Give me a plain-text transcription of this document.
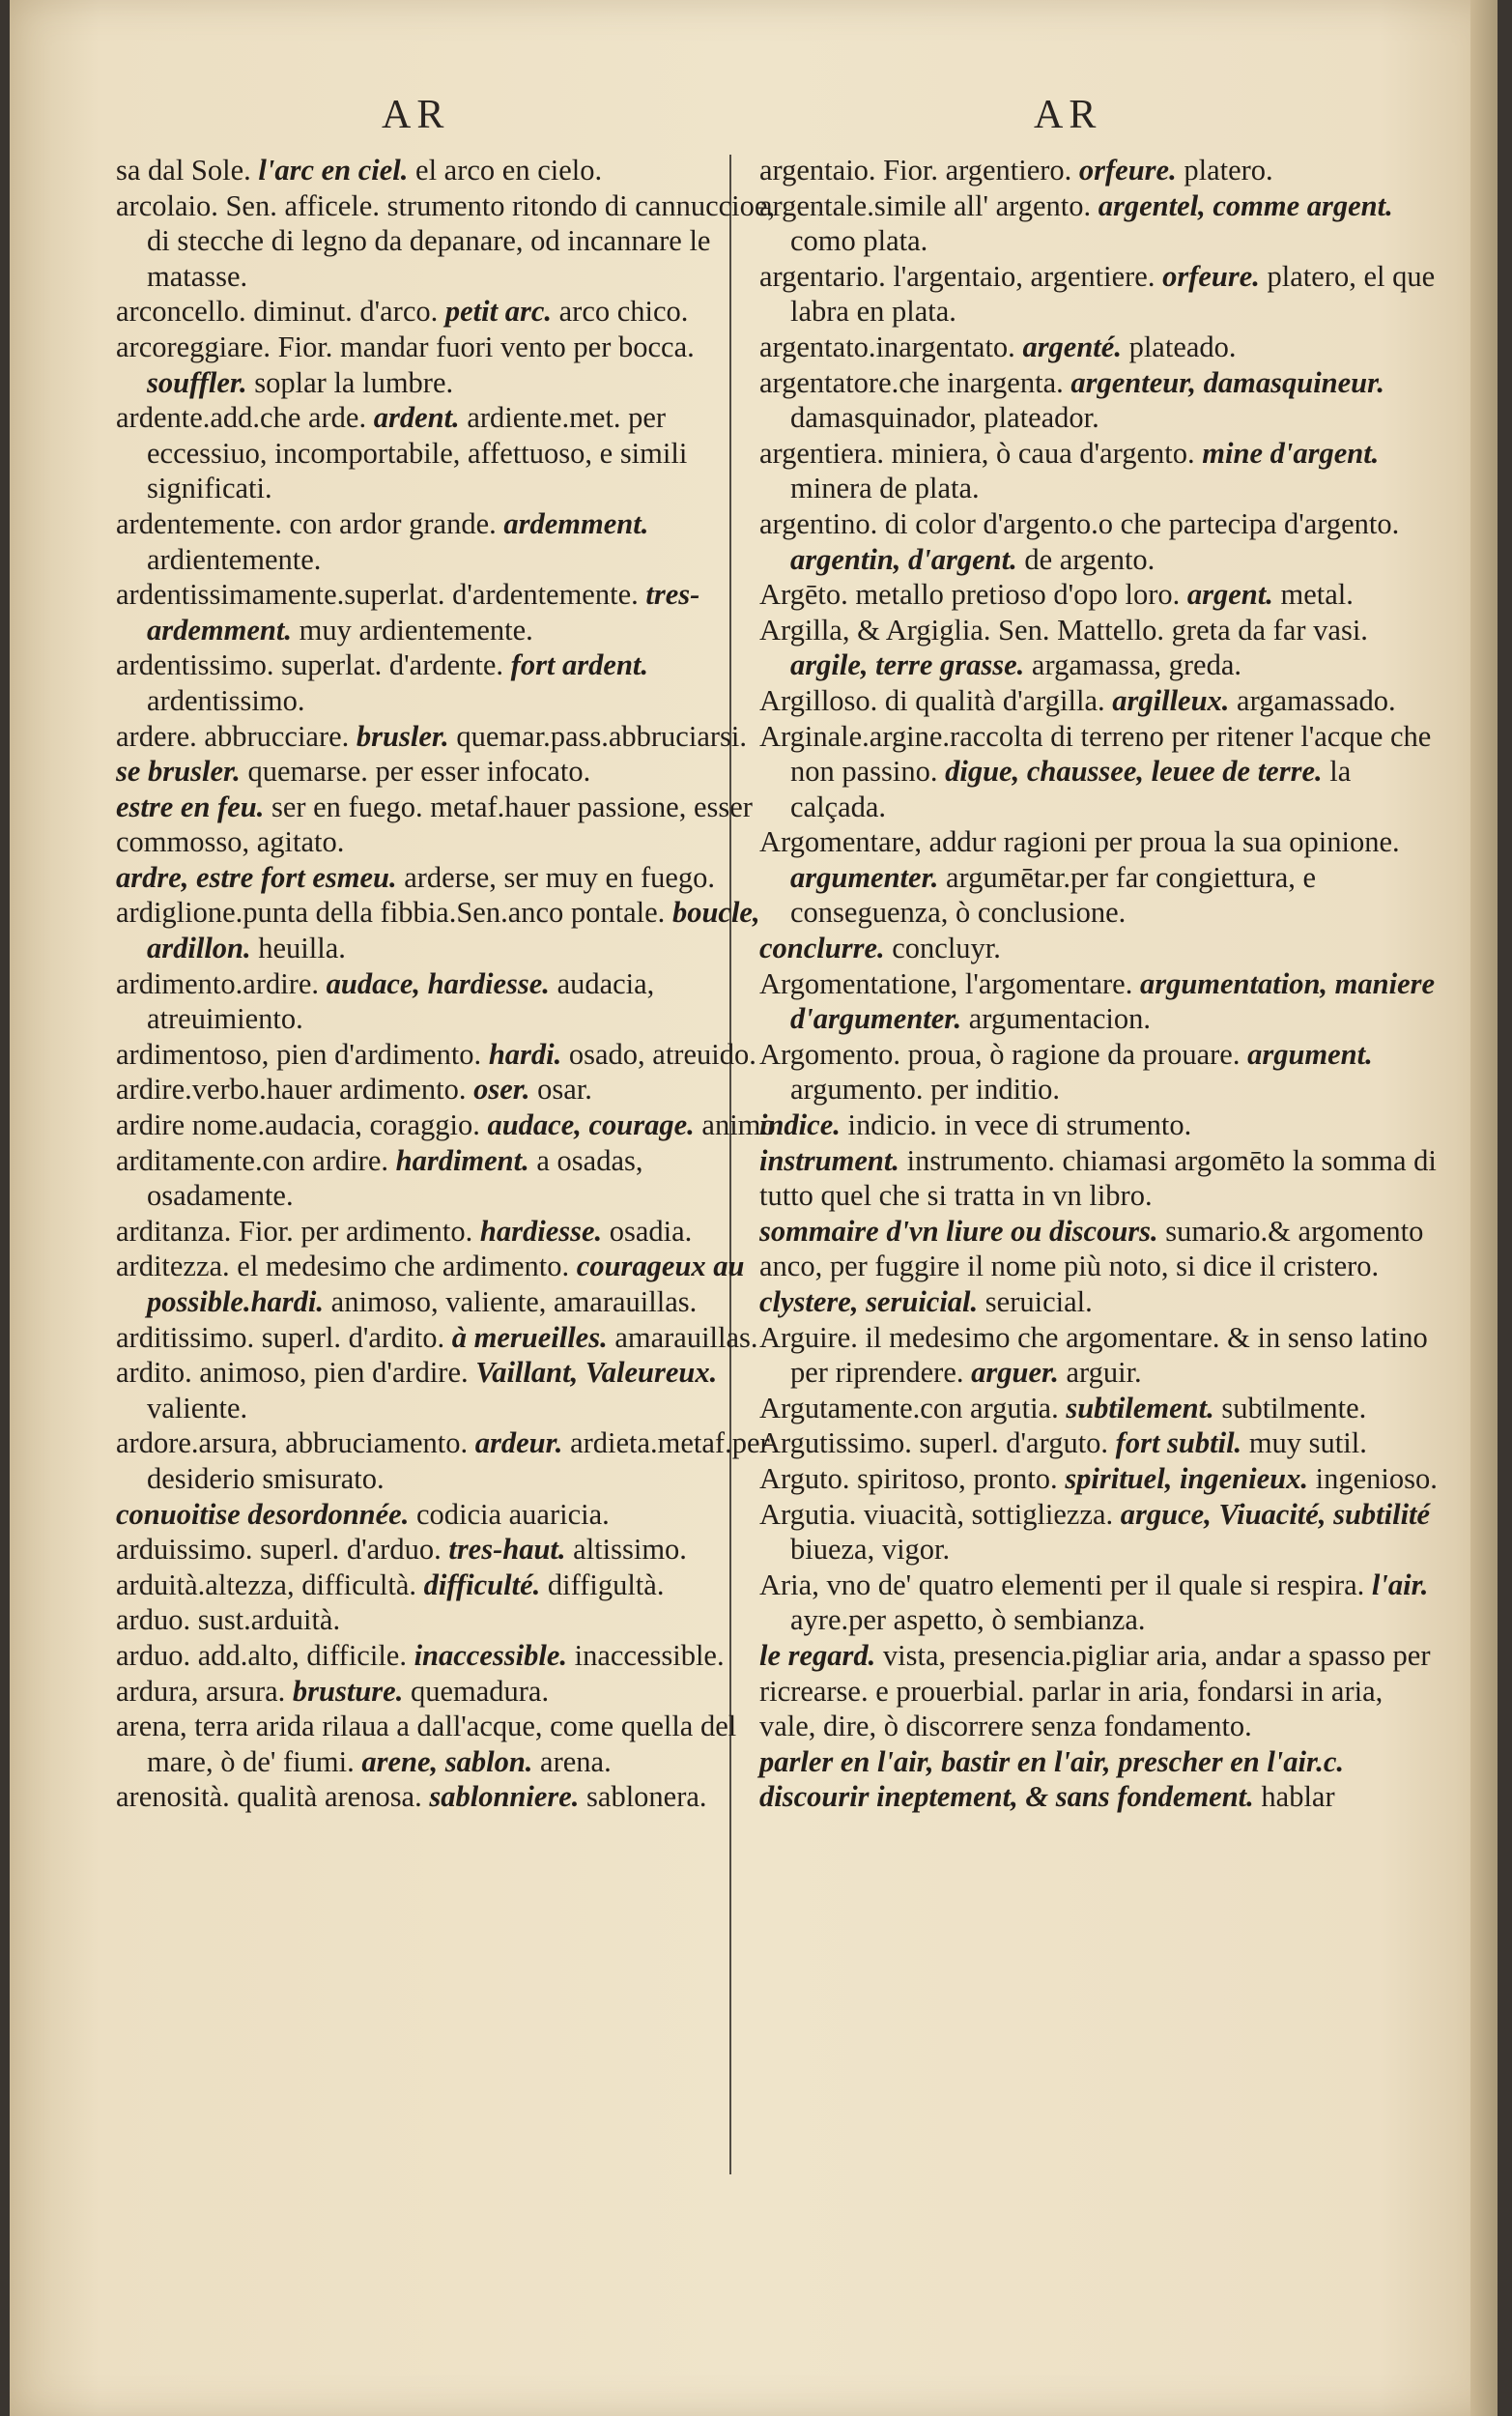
AR	AR

sa dal Sole. l'arc en ciel. el arco en cielo.

arcolaio. Sen. afficele. strumento ritondo di cannuccioe, di stecche di legno da depanare, od incannare le matasse.

arconcello. diminut. d'arco. petit arc. arco chico.

arcoreggiare. Fior. mandar fuori vento per bocca. souffler. soplar la lumbre.

ardente.add.che arde. ardent. ardiente.met. per eccessiuo, incomportabile, affettuoso, e simili significati.

ardentemente. con ardor grande. ardemment. ardientemente.

ardentissimamente.superlat. d'ardentemente. tres-ardemment. muy ardientemente.

ardentissimo. superlat. d'ardente. fort ardent. ardentissimo.

ardere. abbrucciare. brusler. quemar.pass.abbruciarsi.

se brusler. quemarse. per esser infocato.

estre en feu. ser en fuego. metaf.hauer passione, esser commosso, agitato.

ardre, estre fort esmeu. arderse, ser muy en fuego.

ardiglione.punta della fibbia.Sen.anco pontale. boucle, ardillon. heuilla.

ardimento.ardire. audace, hardiesse. audacia, atreuimiento.

ardimentoso, pien d'ardimento. hardi. osado, atreuido.

ardire.verbo.hauer ardimento. oser. osar.

ardire nome.audacia, coraggio. audace, courage. animo.

arditamente.con ardire. hardiment. a osadas, osadamente.

arditanza. Fior. per ardimento. hardiesse. osadia.

arditezza. el medesimo che ardimento. courageux au possible.hardi. animoso, valiente, amarauillas.

arditissimo. superl. d'ardito. à merueilles. amarauillas.

ardito. animoso, pien d'ardire. Vaillant, Valeureux. valiente.

ardore.arsura, abbruciamento. ardeur. ardieta.metaf.per desiderio smisurato.

conuoitise desordonnée. codicia auaricia.

arduissimo. superl. d'arduo. tres-haut. altissimo.

arduità.altezza, difficultà. difficulté. diffigultà.

arduo. sust.arduità.

arduo. add.alto, difficile. inaccessible. inaccessible.

ardura, arsura. brusture. quemadura.

arena, terra arida rilaua a dall'acque, come quella del mare, ò de' fiumi. arene, sablon. arena.

arenosità. qualità arenosa. sablonniere. sablonera.

argentaio. Fior. argentiero. orfeure. platero.

argentale.simile all' argento. argentel, comme argent. como plata.

argentario. l'argentaio, argentiere. orfeure. platero, el que labra en plata.

argentato.inargentato. argenté. plateado.

argentatore.che inargenta. argenteur, damasquineur. damasquinador, plateador.

argentiera. miniera, ò caua d'argento. mine d'argent. minera de plata.

argentino. di color d'argento.o che partecipa d'argento. argentin, d'argent. de argento.

Argēto. metallo pretioso d'opo loro. argent. metal.

Argilla, & Argiglia. Sen. Mattello. greta da far vasi. argile, terre grasse. argamassa, greda.

Argilloso. di qualità d'argilla. argilleux. argamassado.

Arginale.argine.raccolta di terreno per ritener l'acque che non passino. digue, chaussee, leuee de terre. la calçada.

Argomentare, addur ragioni per proua la sua opinione. argumenter. argumētar.per far congiettura, e conseguenza, ò conclusione.

conclurre. concluyr.

Argomentatione, l'argomentare. argumentation, maniere d'argumenter. argumentacion.

Argomento. proua, ò ragione da prouare. argument. argumento. per inditio.

indice. indicio. in vece di strumento.

instrument. instrumento. chiamasi argomēto la somma di tutto quel che si tratta in vn libro.

sommaire d'vn liure ou discours. sumario.& argomento anco, per fuggire il nome più noto, si dice il cristero.

clystere, seruicial. seruicial.

Arguire. il medesimo che argomentare. & in senso latino per riprendere. arguer. arguir.

Argutamente.con argutia. subtilement. subtilmente.

Argutissimo. superl. d'arguto. fort subtil. muy sutil.

Arguto. spiritoso, pronto. spirituel, ingenieux. ingenioso.

Argutia. viuacità, sottigliezza. arguce, Viuacité, subtilité biueza, vigor.

Aria, vno de' quatro elementi per il quale si respira. l'air. ayre.per aspetto, ò sembianza.

le regard. vista, presencia.pigliar aria, andar a spasso per ricrearse. e prouerbial. parlar in aria, fondarsi in aria, vale, dire, ò discorrere senza fondamento.

parler en l'air, bastir en l'air, prescher en l'air.c. discourir ineptement, & sans fondement. hablar
